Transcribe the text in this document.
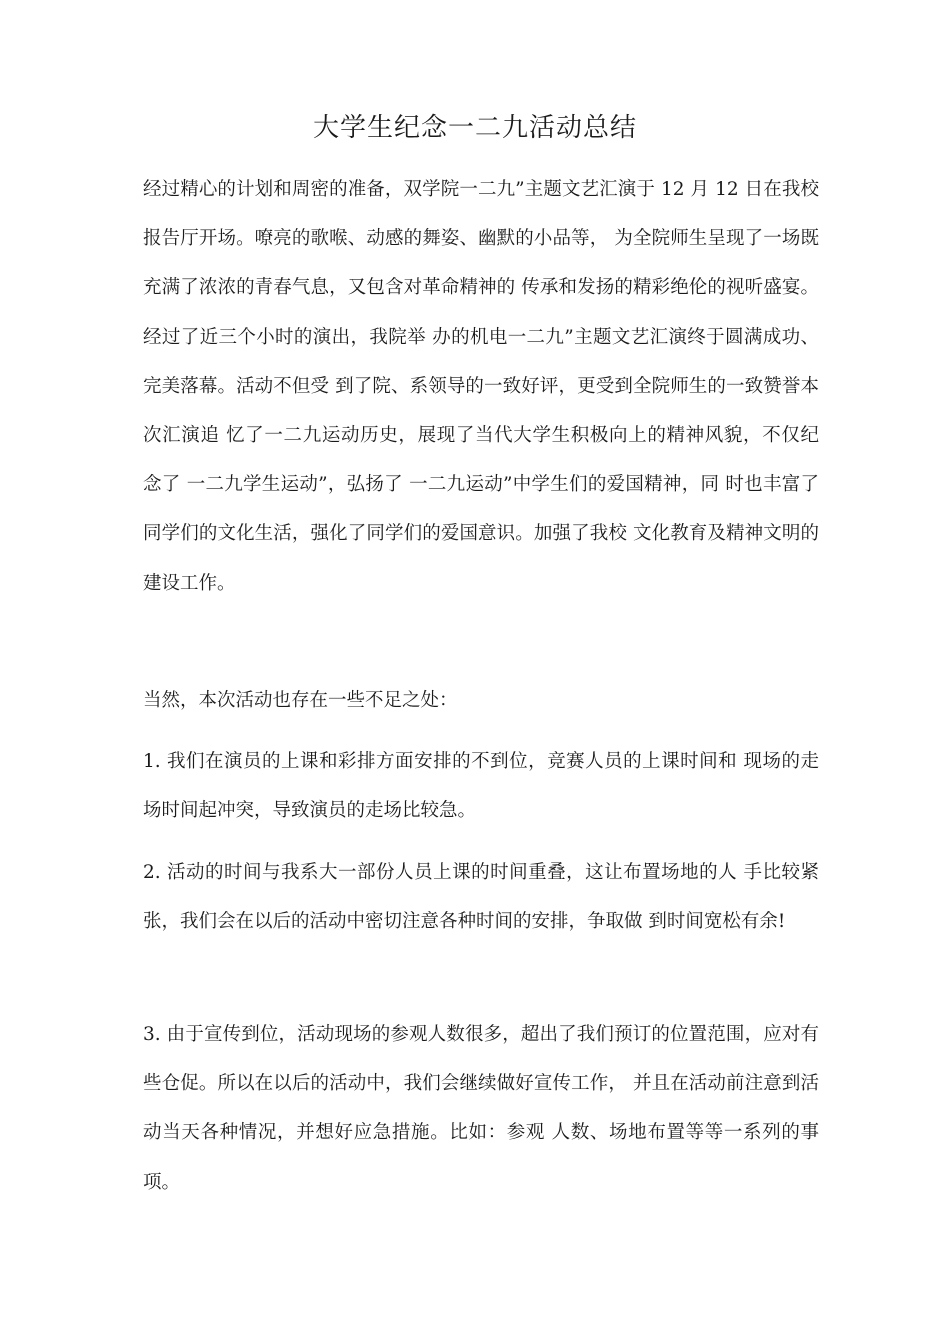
大学生纪念一二九活动总结

经过精心的计划和周密的准备，双学院一二九”主题文艺汇演于 12 月 12 日在我校报告厅开场。嘹亮的歌喉、动感的舞姿、幽默的小品等， 为全院师生呈现了一场既充满了浓浓的青春气息，又包含对革命精神的 传承和发扬的精彩绝伦的视听盛宴。经过了近三个小时的演出，我院举 办的机电一二九”主题文艺汇演终于圆满成功、完美落幕。活动不但受 到了院、系领导的一致好评，更受到全院师生的一致赞誉本次汇演追 忆了一二九运动历史，展现了当代大学生积极向上的精神风貌，不仅纪 念了 一二九学生运动”，弘扬了 一二九运动”中学生们的爱国精神，同 时也丰富了同学们的文化生活，强化了同学们的爱国意识。加强了我校 文化教育及精神文明的建设工作。

当然，本次活动也存在一些不足之处：

1. 我们在演员的上课和彩排方面安排的不到位，竞赛人员的上课时间和 现场的走场时间起冲突，导致演员的走场比较急。

2. 活动的时间与我系大一部份人员上课的时间重叠，这让布置场地的人 手比较紧张，我们会在以后的活动中密切注意各种时间的安排，争取做 到时间宽松有余!

3. 由于宣传到位，活动现场的参观人数很多，超出了我们预订的位置范围，应对有些仓促。所以在以后的活动中，我们会继续做好宣传工作， 并且在活动前注意到活动当天各种情况，并想好应急措施。比如：参观 人数、场地布置等等一系列的事项。
